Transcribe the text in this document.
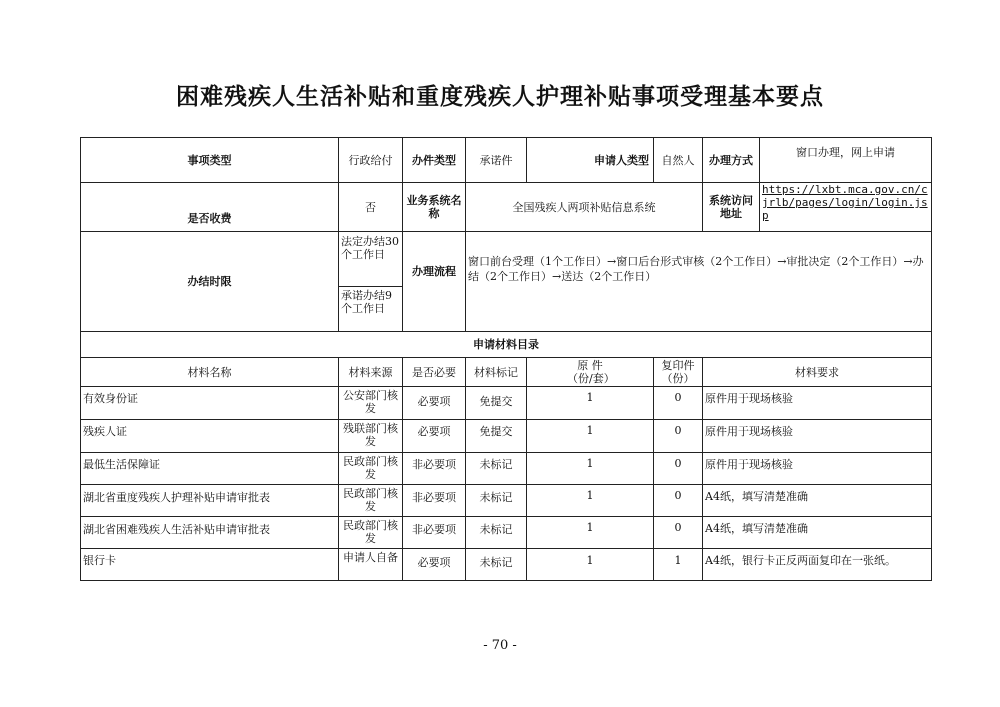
困难残疾人生活补贴和重度残疾人护理补贴事项受理基本要点
事项类型	行政给付	办件类型	承诺件	申请人类型	自然人	办理方式	窗口办理，网上申请
是否收费	否	业务系统名称	全国残疾人两项补贴信息系统			系统访问地址	https://lxbt.mca.gov.cn/cjrlb/pages/login/login.jsp
办结时限	法定办结30个工作日	办理流程	窗口前台受理（1个工作日）→窗口后台形式审核（2个工作日）→审批决定（2个工作日）→办结（2个工作日）→送达（2个工作日）				
	承诺办结9个工作日						
申请材料目录							
材料名称	材料来源	是否必要	材料标记	原 件（份/套）	复印件（份）	材料要求	
有效身份证	公安部门核发	必要项	免提交	1	0	原件用于现场核验	
残疾人证	残联部门核发	必要项	免提交	1	0	原件用于现场核验	
最低生活保障证	民政部门核发	非必要项	未标记	1	0	原件用于现场核验	
湖北省重度残疾人护理补贴申请审批表	民政部门核发	非必要项	未标记	1	0	A4纸，填写清楚准确	
湖北省困难残疾人生活补贴申请审批表	民政部门核发	非必要项	未标记	1	0	A4纸，填写清楚准确	
银行卡	申请人自备	必要项	未标记	1	1	A4纸，银行卡正反两面复印在一张纸。	
- 70 -
